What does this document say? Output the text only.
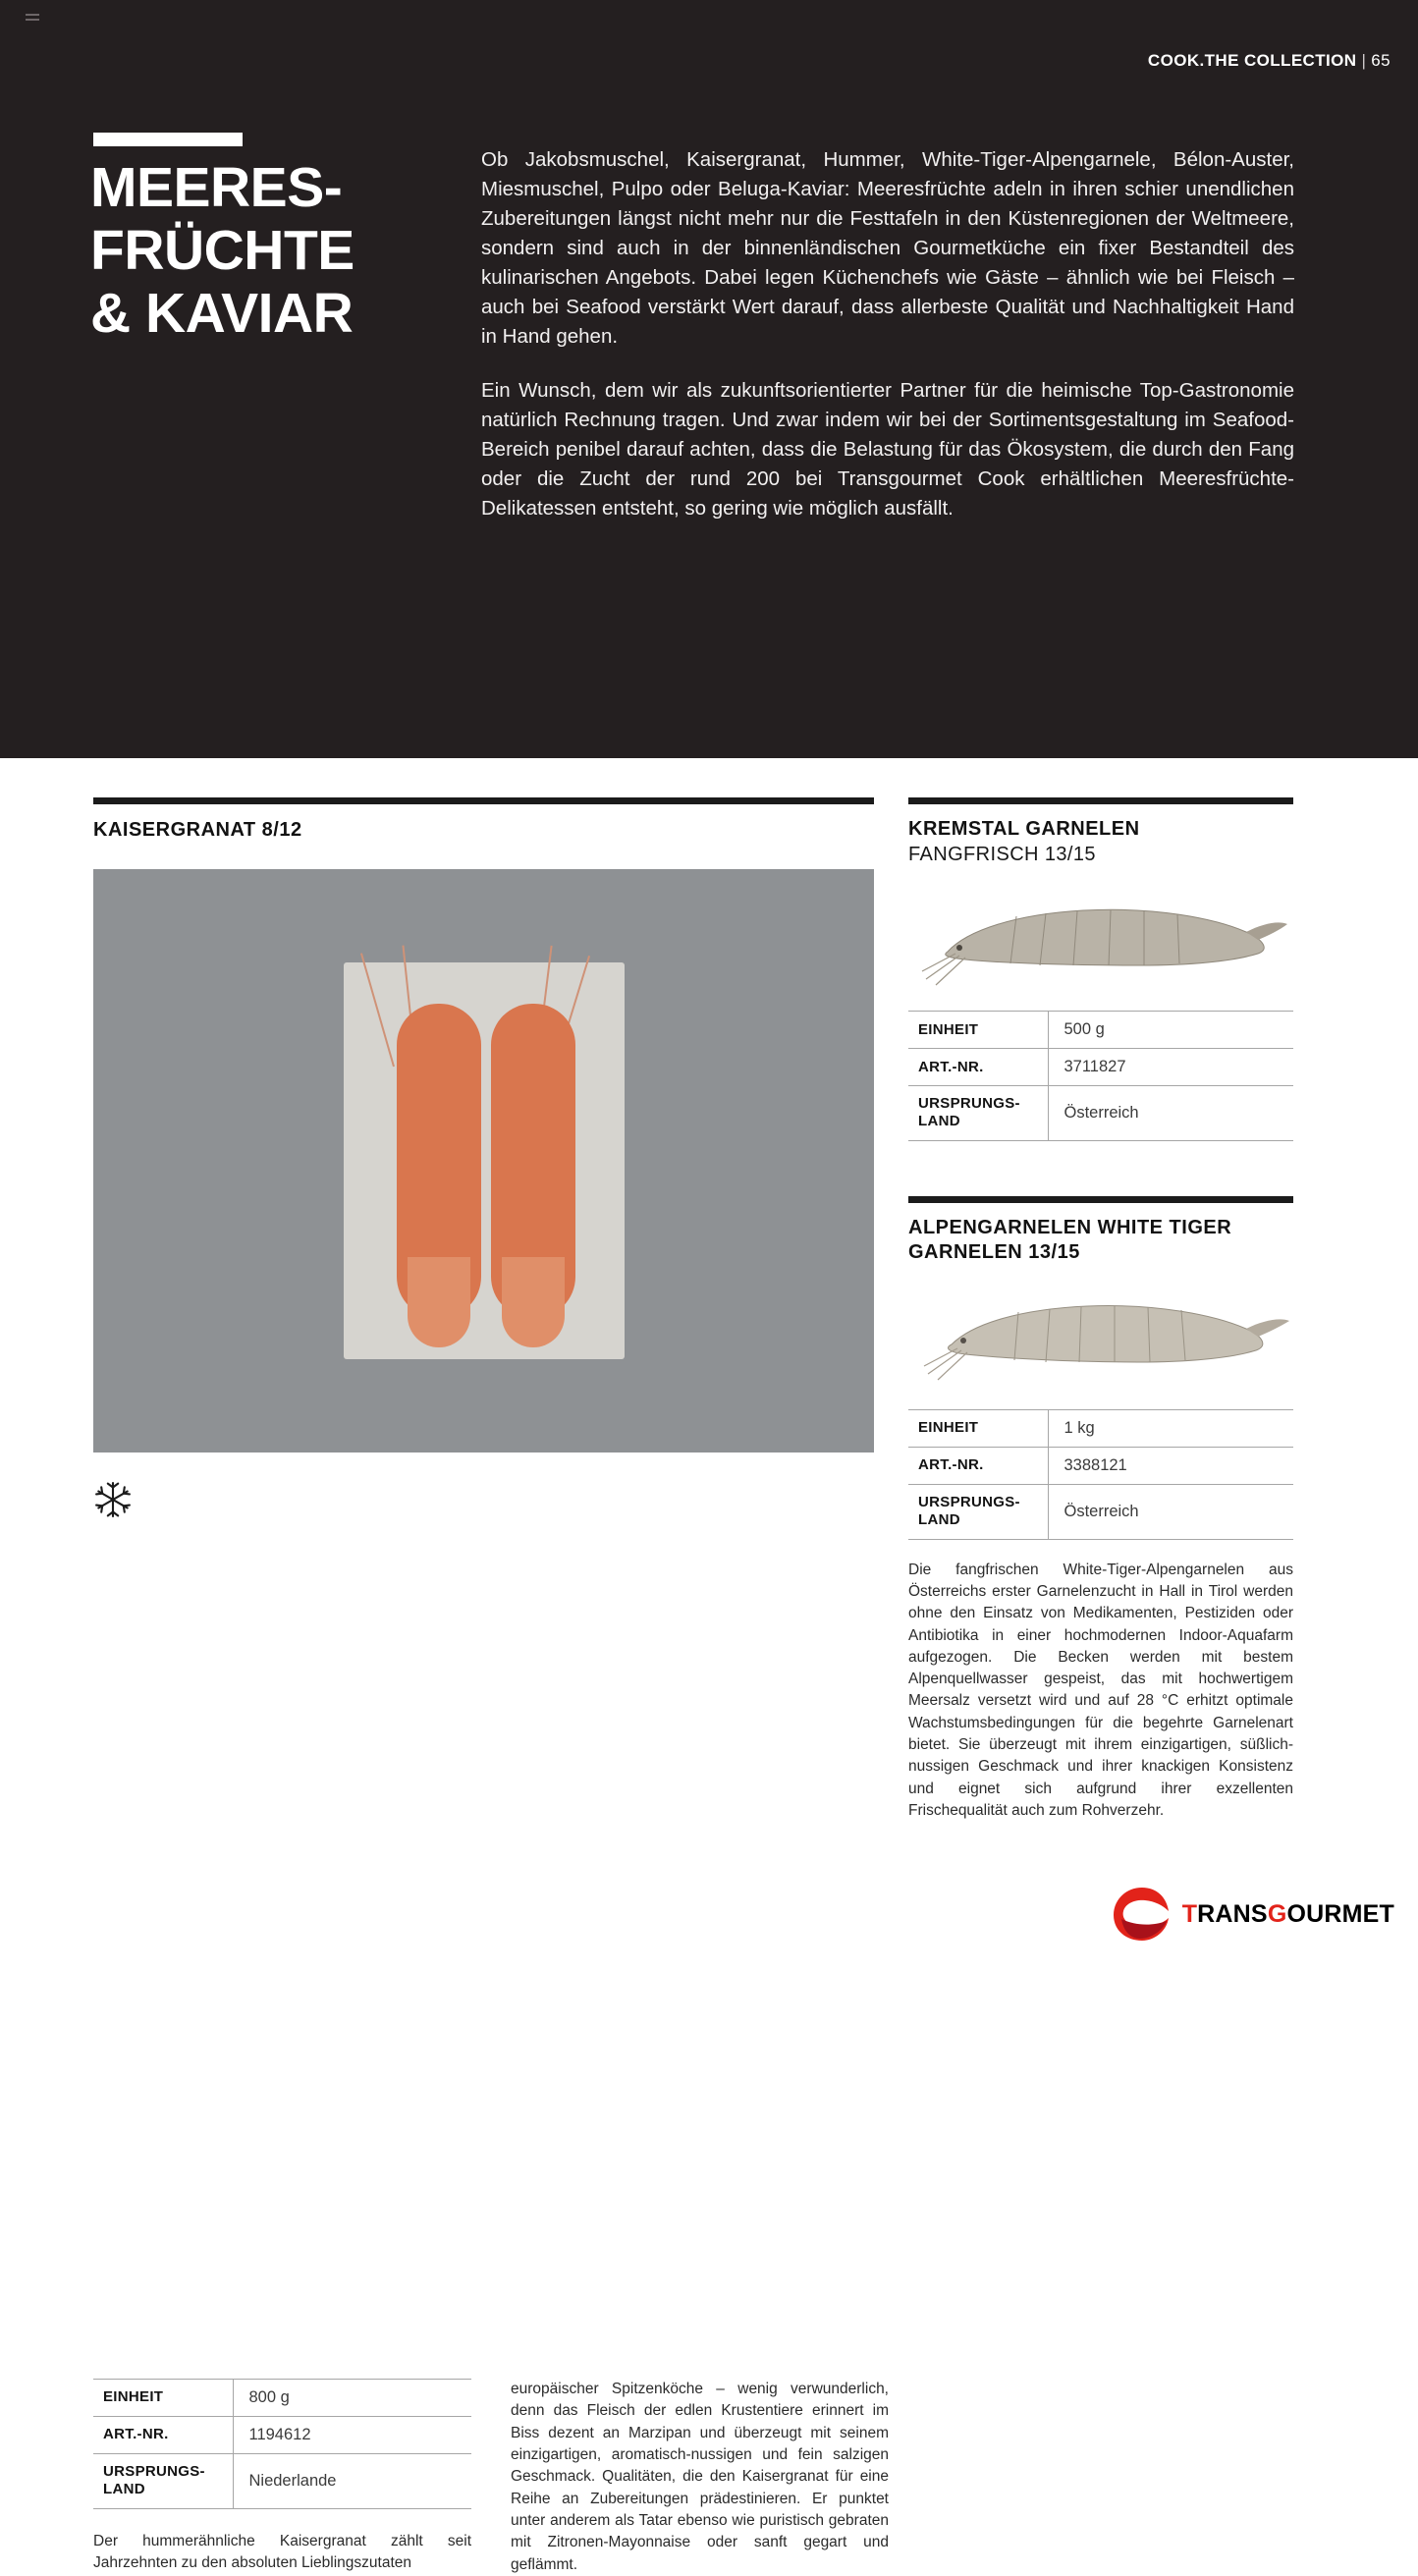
COOK.THE COLLECTION | 65
MEERES-
FRÜCHTE
& KAVIAR

Ob Jakobsmuschel, Kaisergranat, Hummer, White-Tiger-Alpengarnele, Bélon-Auster, Miesmuschel, Pulpo oder Beluga-Kaviar: Meeresfrüchte adeln in ihren schier unendlichen Zubereitungen längst nicht mehr nur die Festtafeln in den Küstenregionen der Weltmeere, sondern sind auch in der binnenländischen Gourmetküche ein fixer Bestandteil des kulinarischen Angebots. Dabei legen Küchenchefs wie Gäste – ähnlich wie bei Fleisch – auch bei Seafood verstärkt Wert darauf, dass allerbeste Qualität und Nachhaltigkeit Hand in Hand gehen.

Ein Wunsch, dem wir als zukunftsorientierter Partner für die heimische Top-Gastronomie natürlich Rechnung tragen. Und zwar indem wir bei der Sortimentsgestaltung im Seafood-Bereich penibel darauf achten, dass die Belastung für das Ökosystem, die durch den Fang oder die Zucht der rund 200 bei Transgourmet Cook erhältlichen Meeresfrüchte-Delikatessen entsteht, so gering wie möglich ausfällt.

KAISERGRANAT 8/12
EINHEIT	800 g
ART.-NR.	1194612
URSPRUNGS-
LAND	Niederlande

Der hummerähnliche Kaisergranat zählt seit Jahrzehnten zu den absoluten Lieblingszutaten

europäischer Spitzenköche – wenig verwunderlich, denn das Fleisch der edlen Krustentiere erinnert im Biss dezent an Marzipan und überzeugt mit seinem einzigartigen, aromatisch-nussigen und fein salzigen Geschmack. Qualitäten, die den Kaisergranat für eine Reihe an Zubereitungen prädestinieren. Er punktet unter anderem als Tatar ebenso wie puristisch gebraten mit Zitronen-Mayonnaise oder sanft gegart und geflämmt.

KREMSTAL GARNELEN
FANGFRISCH 13/15
EINHEIT	500 g
ART.-NR.	3711827
URSPRUNGS-
LAND	Österreich
ALPENGARNELEN WHITE TIGER
GARNELEN 13/15
EINHEIT	1 kg
ART.-NR.	3388121
URSPRUNGS-
LAND	Österreich

Die fangfrischen White-Tiger-Alpengarnelen aus Österreichs erster Garnelenzucht in Hall in Tirol werden ohne den Einsatz von Medikamenten, Pestiziden oder Antibiotika in einer hochmodernen Indoor-Aquafarm aufgezogen. Die Becken werden mit bestem Alpenquellwasser gespeist, das mit hochwertigem Meersalz versetzt wird und auf 28 °C erhitzt optimale Wachstumsbedingungen für die begehrte Garnelenart bietet. Sie überzeugt mit ihrem einzigartigen, süßlich-nussigen Geschmack und ihrer knackigen Konsistenz und eignet sich aufgrund ihrer exzellenten Frischequalität auch zum Rohverzehr.

TRANSGOURMET
